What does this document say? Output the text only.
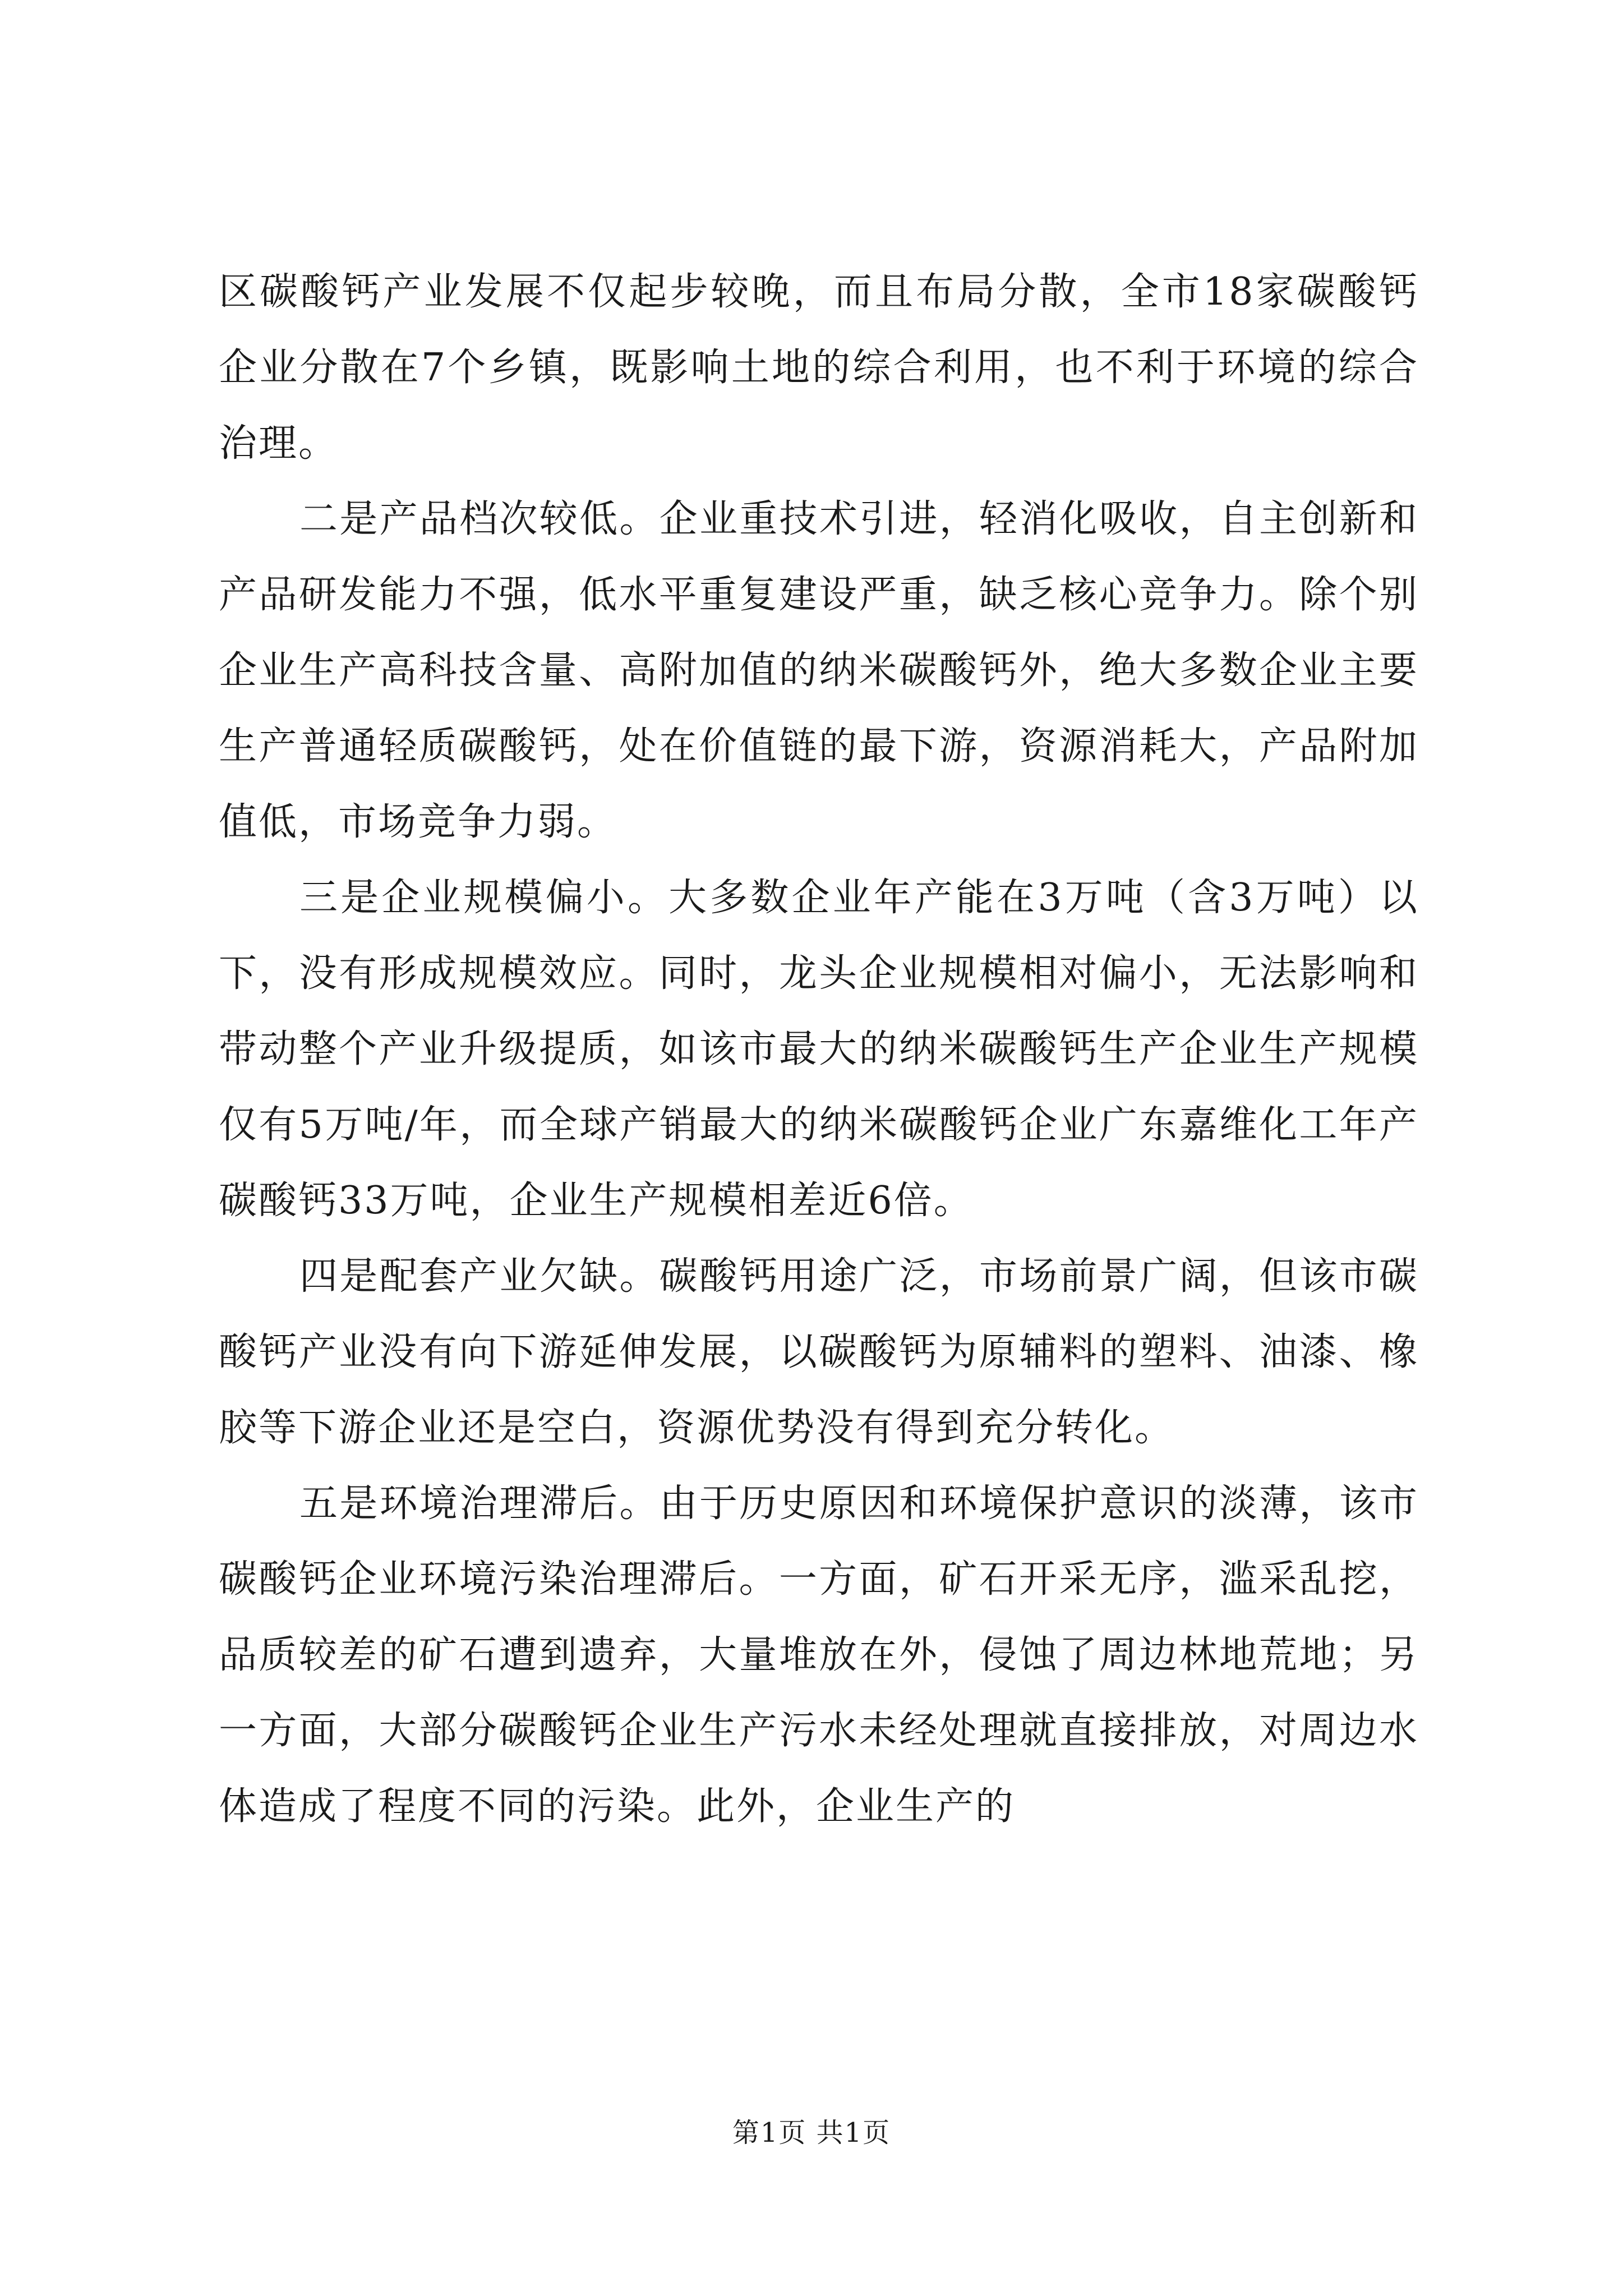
区碳酸钙产业发展不仅起步较晚，而且布局分散，全市18家碳酸钙企业分散在7个乡镇，既影响土地的综合利用，也不利于环境的综合治理。

二是产品档次较低。企业重技术引进，轻消化吸收，自主创新和产品研发能力不强，低水平重复建设严重，缺乏核心竞争力。除个别企业生产高科技含量、高附加值的纳米碳酸钙外，绝大多数企业主要生产普通轻质碳酸钙，处在价值链的最下游，资源消耗大，产品附加值低，市场竞争力弱。

三是企业规模偏小。大多数企业年产能在3万吨（含3万吨）以下，没有形成规模效应。同时，龙头企业规模相对偏小，无法影响和带动整个产业升级提质，如该市最大的纳米碳酸钙生产企业生产规模仅有5万吨/年，而全球产销最大的纳米碳酸钙企业广东嘉维化工年产碳酸钙33万吨，企业生产规模相差近6倍。

四是配套产业欠缺。碳酸钙用途广泛，市场前景广阔，但该市碳酸钙产业没有向下游延伸发展，以碳酸钙为原辅料的塑料、油漆、橡胶等下游企业还是空白，资源优势没有得到充分转化。

五是环境治理滞后。由于历史原因和环境保护意识的淡薄，该市碳酸钙企业环境污染治理滞后。一方面，矿石开采无序，滥采乱挖，品质较差的矿石遭到遗弃，大量堆放在外，侵蚀了周边林地荒地；另一方面，大部分碳酸钙企业生产污水未经处理就直接排放，对周边水体造成了程度不同的污染。此外，企业生产的

第1页 共1页
